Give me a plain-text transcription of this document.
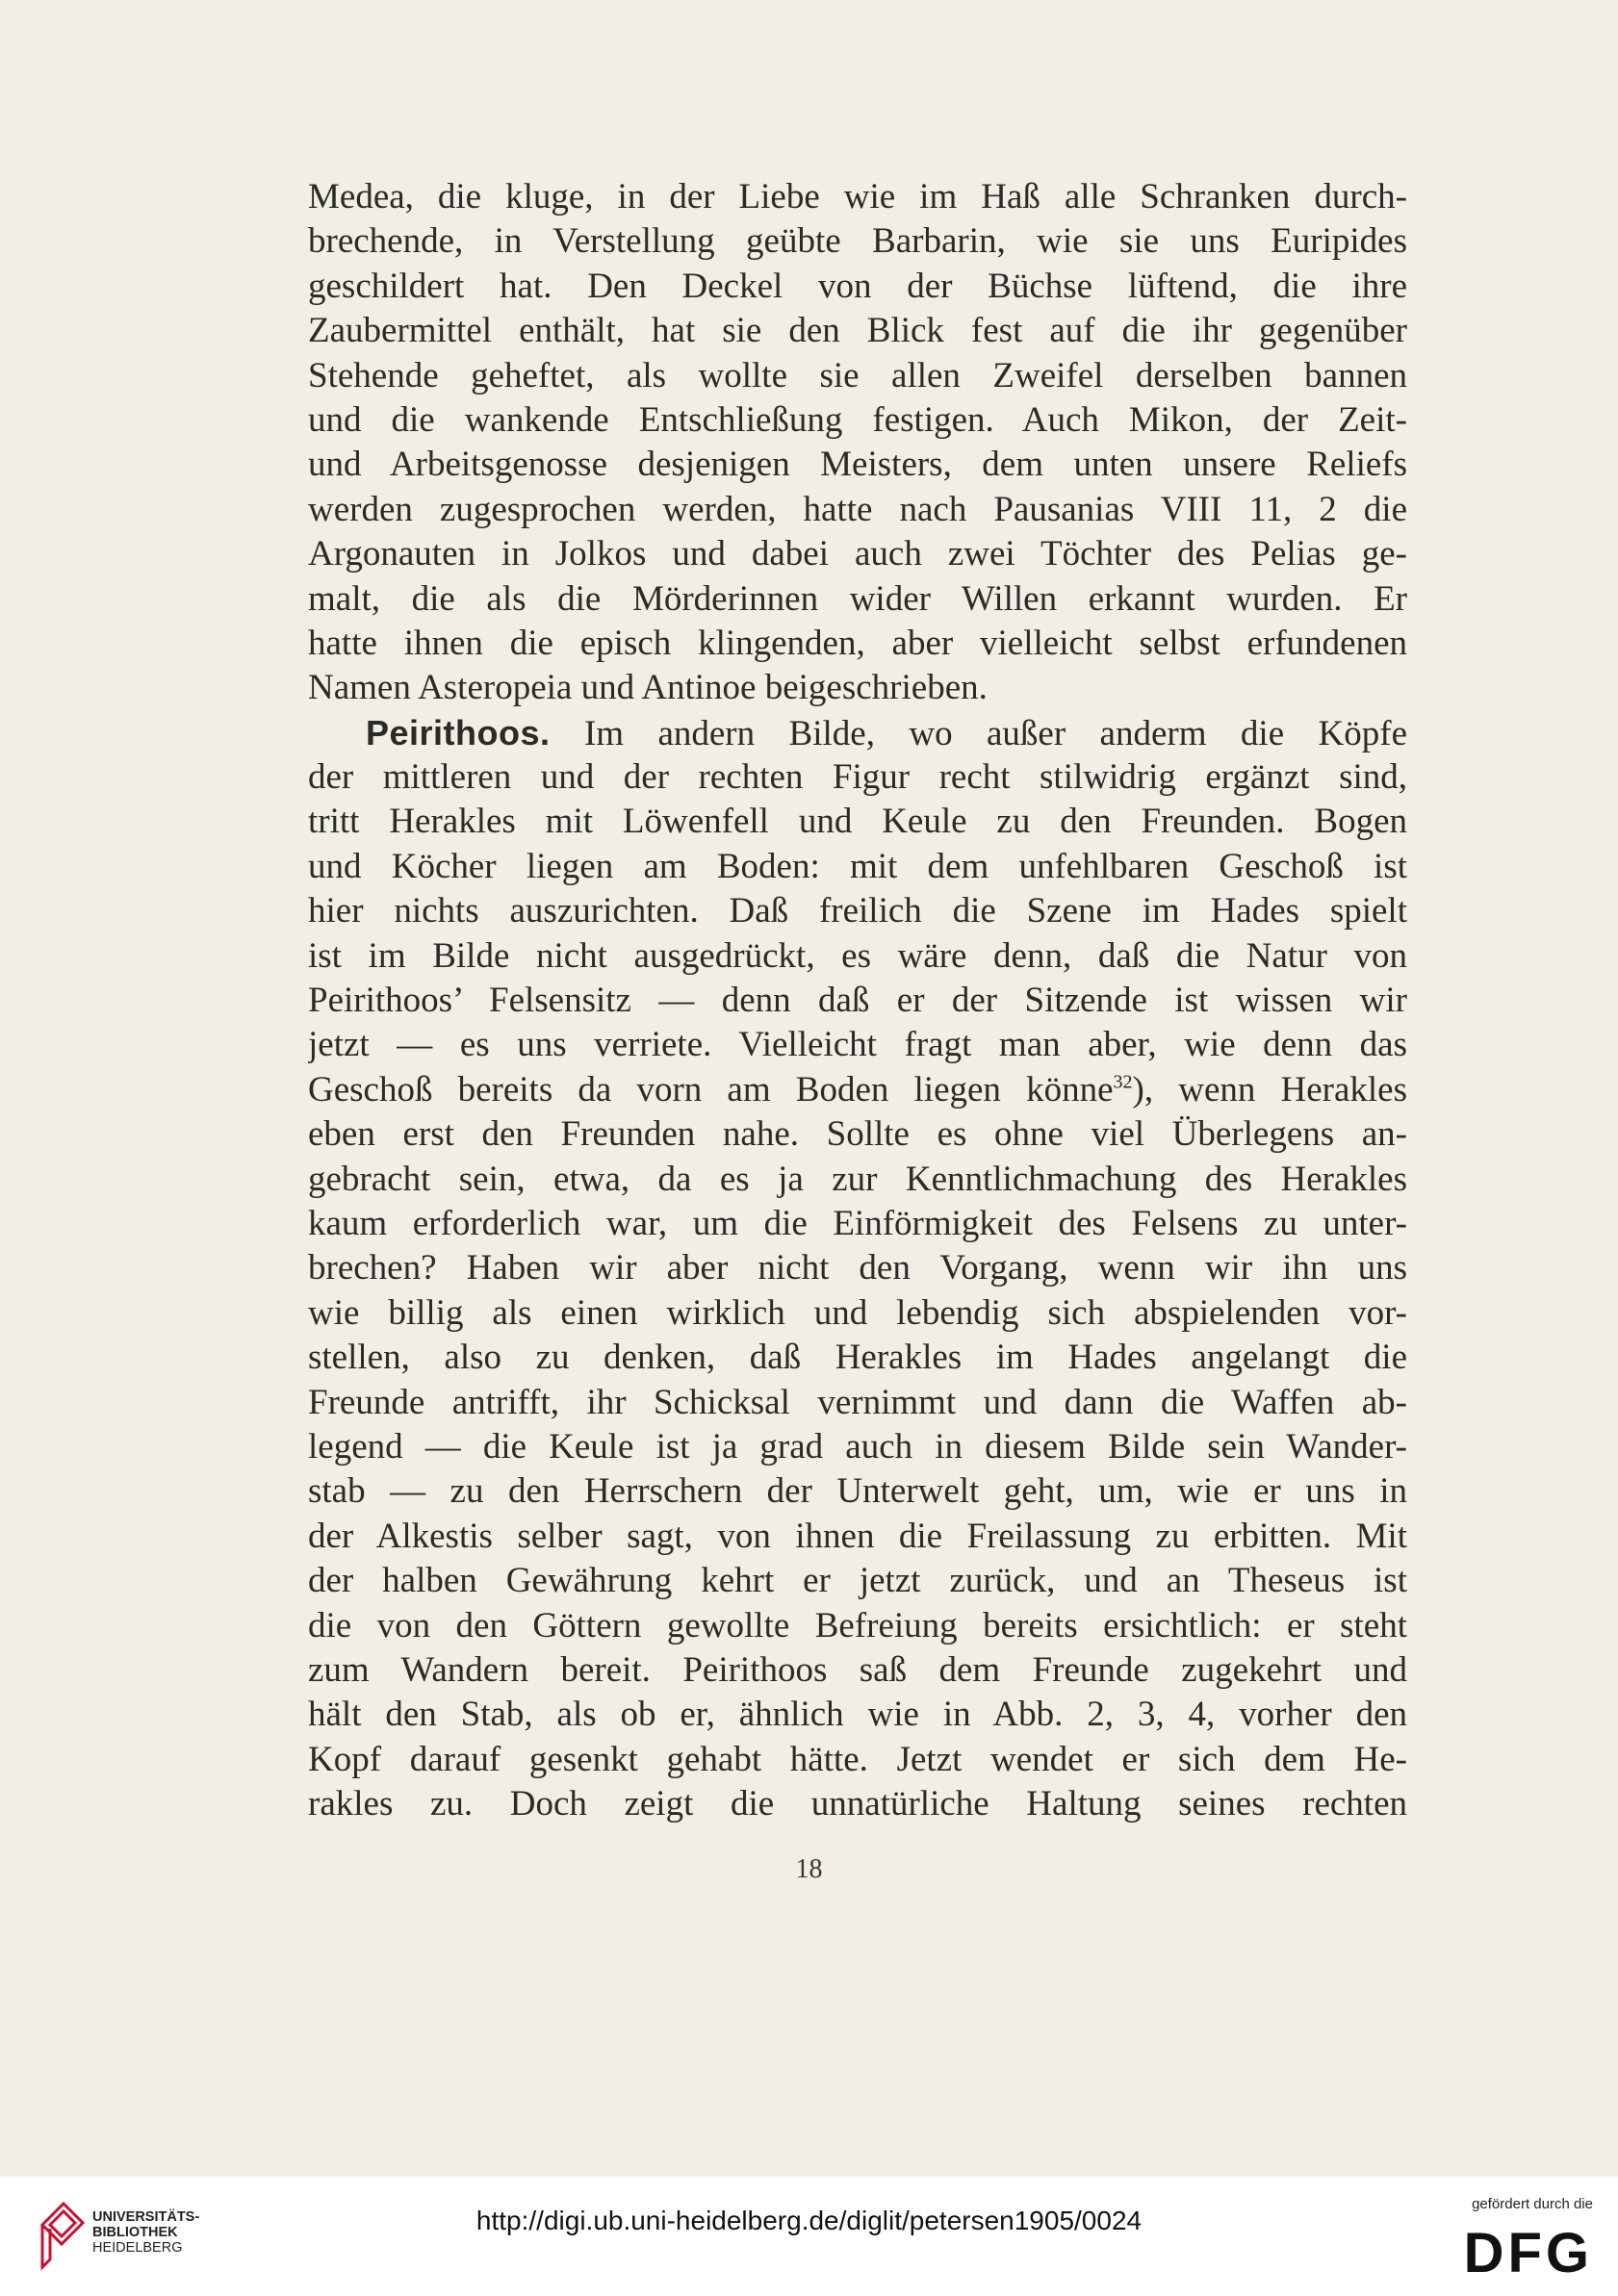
Medea, die kluge, in der Liebe wie im Haß alle Schranken durch-
brechende, in Verstellung geübte Barbarin, wie sie uns Euripides
geschildert hat. Den Deckel von der Büchse lüftend, die ihre
Zaubermittel enthält, hat sie den Blick fest auf die ihr gegenüber
Stehende geheftet, als wollte sie allen Zweifel derselben bannen
und die wankende Entschließung festigen. Auch Mikon, der Zeit-
und Arbeitsgenosse desjenigen Meisters, dem unten unsere Reliefs
werden zugesprochen werden, hatte nach Pausanias VIII 11, 2 die
Argonauten in Jolkos und dabei auch zwei Töchter des Pelias ge-
malt, die als die Mörderinnen wider Willen erkannt wurden. Er
hatte ihnen die episch klingenden, aber vielleicht selbst erfundenen
Namen Asteropeia und Antinoe beigeschrieben.
Peirithoos. Im andern Bilde, wo außer anderm die Köpfe
der mittleren und der rechten Figur recht stilwidrig ergänzt sind,
tritt Herakles mit Löwenfell und Keule zu den Freunden. Bogen
und Köcher liegen am Boden: mit dem unfehlbaren Geschoß ist
hier nichts auszurichten. Daß freilich die Szene im Hades spielt
ist im Bilde nicht ausgedrückt, es wäre denn, daß die Natur von
Peirithoos’ Felsensitz — denn daß er der Sitzende ist wissen wir
jetzt — es uns verriete. Vielleicht fragt man aber, wie denn das
Geschoß bereits da vorn am Boden liegen könne$^{32}$), wenn Herakles
eben erst den Freunden nahe. Sollte es ohne viel Überlegens an-
gebracht sein, etwa, da es ja zur Kenntlichmachung des Herakles
kaum erforderlich war, um die Einförmigkeit des Felsens zu unter-
brechen? Haben wir aber nicht den Vorgang, wenn wir ihn uns
wie billig als einen wirklich und lebendig sich abspielenden vor-
stellen, also zu denken, daß Herakles im Hades angelangt die
Freunde antrifft, ihr Schicksal vernimmt und dann die Waffen ab-
legend — die Keule ist ja grad auch in diesem Bilde sein Wander-
stab — zu den Herrschern der Unterwelt geht, um, wie er uns in
der Alkestis selber sagt, von ihnen die Freilassung zu erbitten. Mit
der halben Gewährung kehrt er jetzt zurück, und an Theseus ist
die von den Göttern gewollte Befreiung bereits ersichtlich: er steht
zum Wandern bereit. Peirithoos saß dem Freunde zugekehrt und
hält den Stab, als ob er, ähnlich wie in Abb. 2, 3, 4, vorher den
Kopf darauf gesenkt gehabt hätte. Jetzt wendet er sich dem He-
rakles zu. Doch zeigt die unnatürliche Haltung seines rechten
18
UNIVERSITÄTS-
BIBLIOTHEK
HEIDELBERG
http://digi.ub.uni-heidelberg.de/diglit/petersen1905/0024
gefördert durch die
DFG
